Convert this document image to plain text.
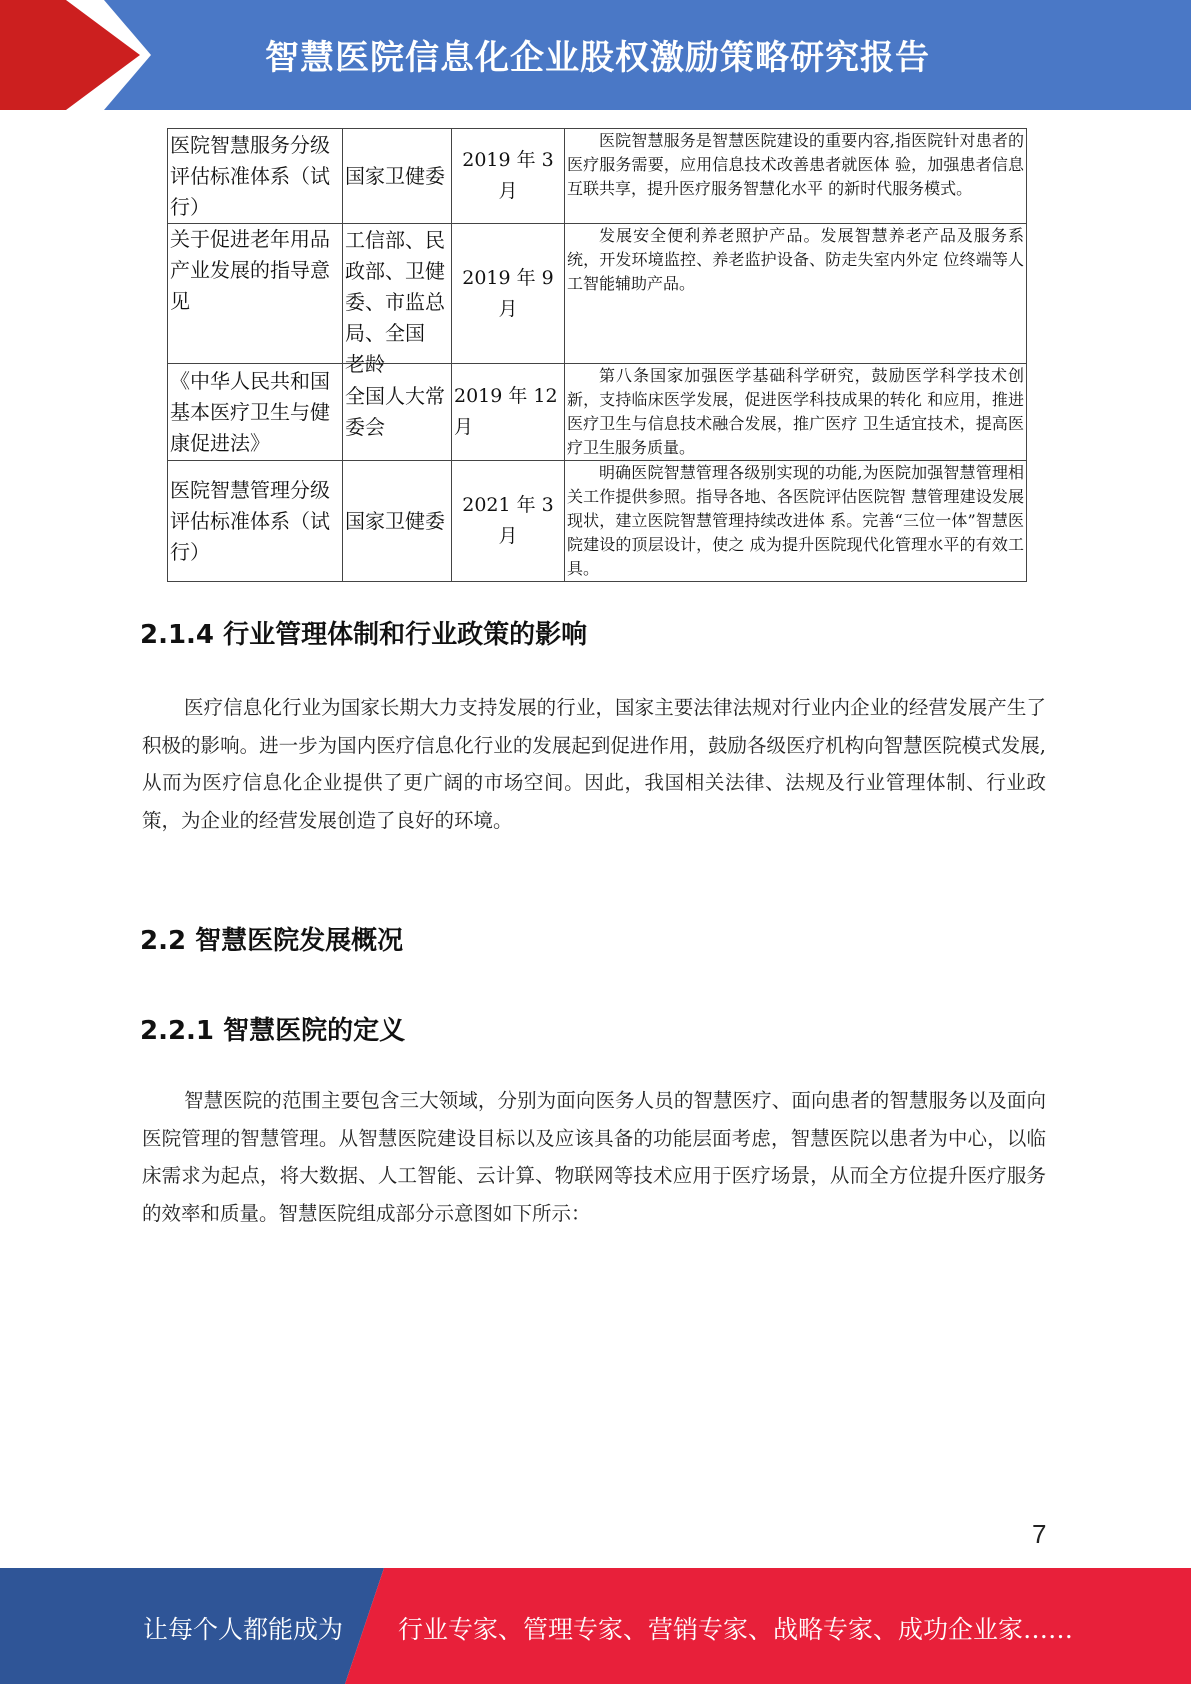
智慧医院信息化企业股权激励策略研究报告
医院智慧服务分级评估标准体系（试行）	国家卫健委	2019 年 3 月	医院智慧服务是智慧医院建设的重要内容,指医院针对患者的医疗服务需要，应用信息技术改善患者就医体 验，加强患者信息互联共享，提升医疗服务智慧化水平 的新时代服务模式。
关于促进老年用品产业发展的指导意见	工信部、民政部、卫健委、市监总 局、全国 老龄	2019 年 9 月	发展安全便利养老照护产品。发展智慧养老产品及服务系统，开发环境监控、养老监护设备、防走失室内外定 位终端等人工智能辅助产品。
《中华人民共和国基本医疗卫生与健康促进法》	全国人大常委会	2019 年 12 月	第八条国家加强医学基础科学研究，鼓励医学科学技术创新，支持临床医学发展，促进医学科技成果的转化 和应用，推进医疗卫生与信息技术融合发展，推广医疗 卫生适宜技术，提高医疗卫生服务质量。
医院智慧管理分级评估标准体系（试行）	国家卫健委	2021 年 3 月	明确医院智慧管理各级别实现的功能,为医院加强智慧管理相关工作提供参照。指导各地、各医院评估医院智 慧管理建设发展现状，建立医院智慧管理持续改进体 系。完善“三位一体”智慧医院建设的顶层设计，使之 成为提升医院现代化管理水平的有效工具。
2.1.4 行业管理体制和行业政策的影响
医疗信息化行业为国家长期大力支持发展的行业，国家主要法律法规对行业内企业的经营发展产生了积极的影响。进一步为国内医疗信息化行业的发展起到促进作用，鼓励各级医疗机构向智慧医院模式发展,从而为医疗信息化企业提供了更广阔的市场空间。因此，我国相关法律、法规及行业管理体制、行业政策，为企业的经营发展创造了良好的环境。
2.2 智慧医院发展概况
2.2.1 智慧医院的定义
智慧医院的范围主要包含三大领域，分别为面向医务人员的智慧医疗、面向患者的智慧服务以及面向医院管理的智慧管理。从智慧医院建设目标以及应该具备的功能层面考虑，智慧医院以患者为中心，以临床需求为起点，将大数据、人工智能、云计算、物联网等技术应用于医疗场景，从而全方位提升医疗服务的效率和质量。智慧医院组成部分示意图如下所示：
7
让每个人都能成为 行业专家、管理专家、营销专家、战略专家、成功企业家……
